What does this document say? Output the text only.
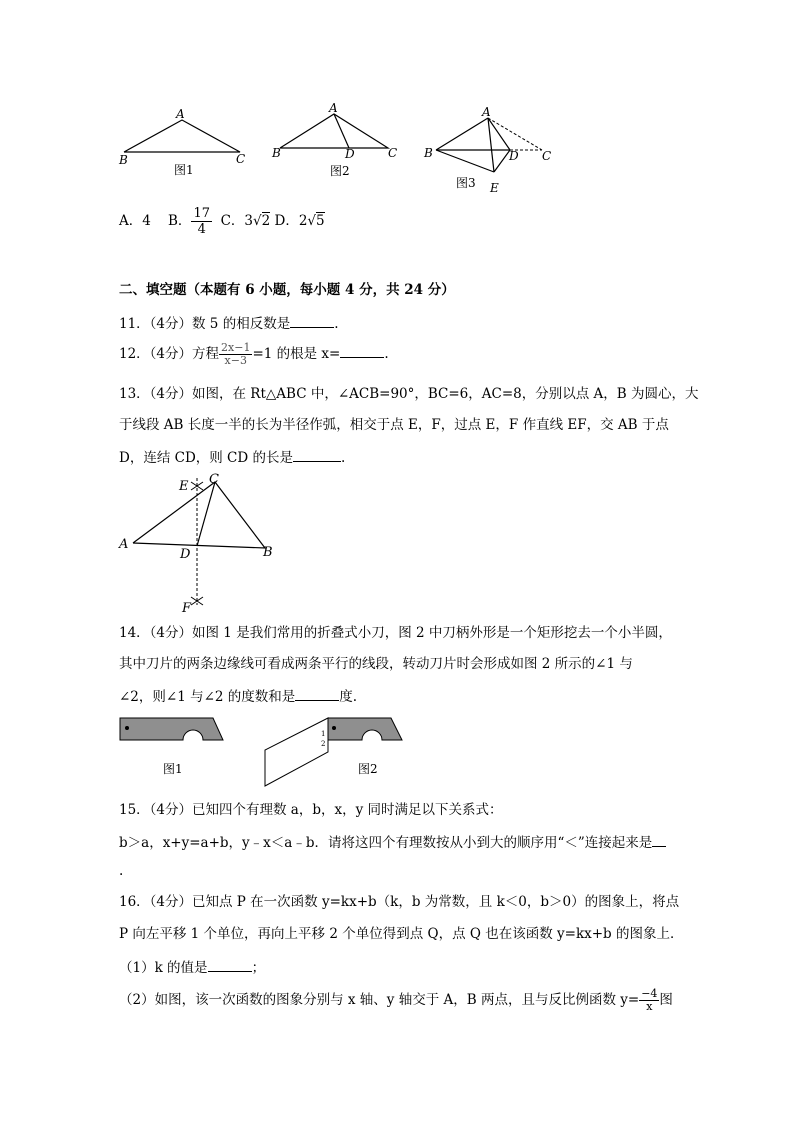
A
B	C
图1
A
B	D	C
图2
A
B	D C
E
图3
A．4 B． $\frac{17}{4}$ C．3√2 D．2√5
二、填空题（本题有 6 小题，每小题 4 分，共 24 分）
11．（4分）数 5 的相反数是	.
12．（4分）方程 $\frac{2x-1}{x-3} =1$ 的根是 x=	.
13．（4分）如图，在 Rt△ABC 中，∠ACB=90°，BC=6，AC=8，分别以点 A，B 为圆心，大
于线段 AB 长度一半的长为半径作弧，相交于点 E，F，过点 E，F 作直线 EF，交 AB 于点
D，连结 CD，则 CD 的长是	.
E C
A
D	B
F
14．（4分）如图 1 是我们常用的折叠式小刀，图 2 中刀柄外形是一个矩形挖去一个小半圆，
其中刀片的两条边缘线可看成两条平行的线段，转动刀片时会形成如图 2 所示的∠1 与
∠2，则∠1 与∠2 的度数和是	度.
图1
1
2
图2
15．（4分）已知四个有理数 a，b，x，y 同时满足以下关系式：
b＞a，x+y=a+b，y﹣x＜a﹣b．请将这四个有理数按从小到大的顺序用“＜”连接起来是
.
16．（4分）已知点 P 在一次函数 y=kx+b（k，b 为常数，且 k＜0，b＞0）的图象上，将点
P 向左平移 1 个单位，再向上平移 2 个单位得到点 Q，点 Q 也在该函数 y=kx+b 的图象上．
（1）k 的值是	；
（2）如图，该一次函数的图象分别与 x 轴、y 轴交于 A，B 两点，且与反比例函数 $y= \frac{-4}{x}$ 图
